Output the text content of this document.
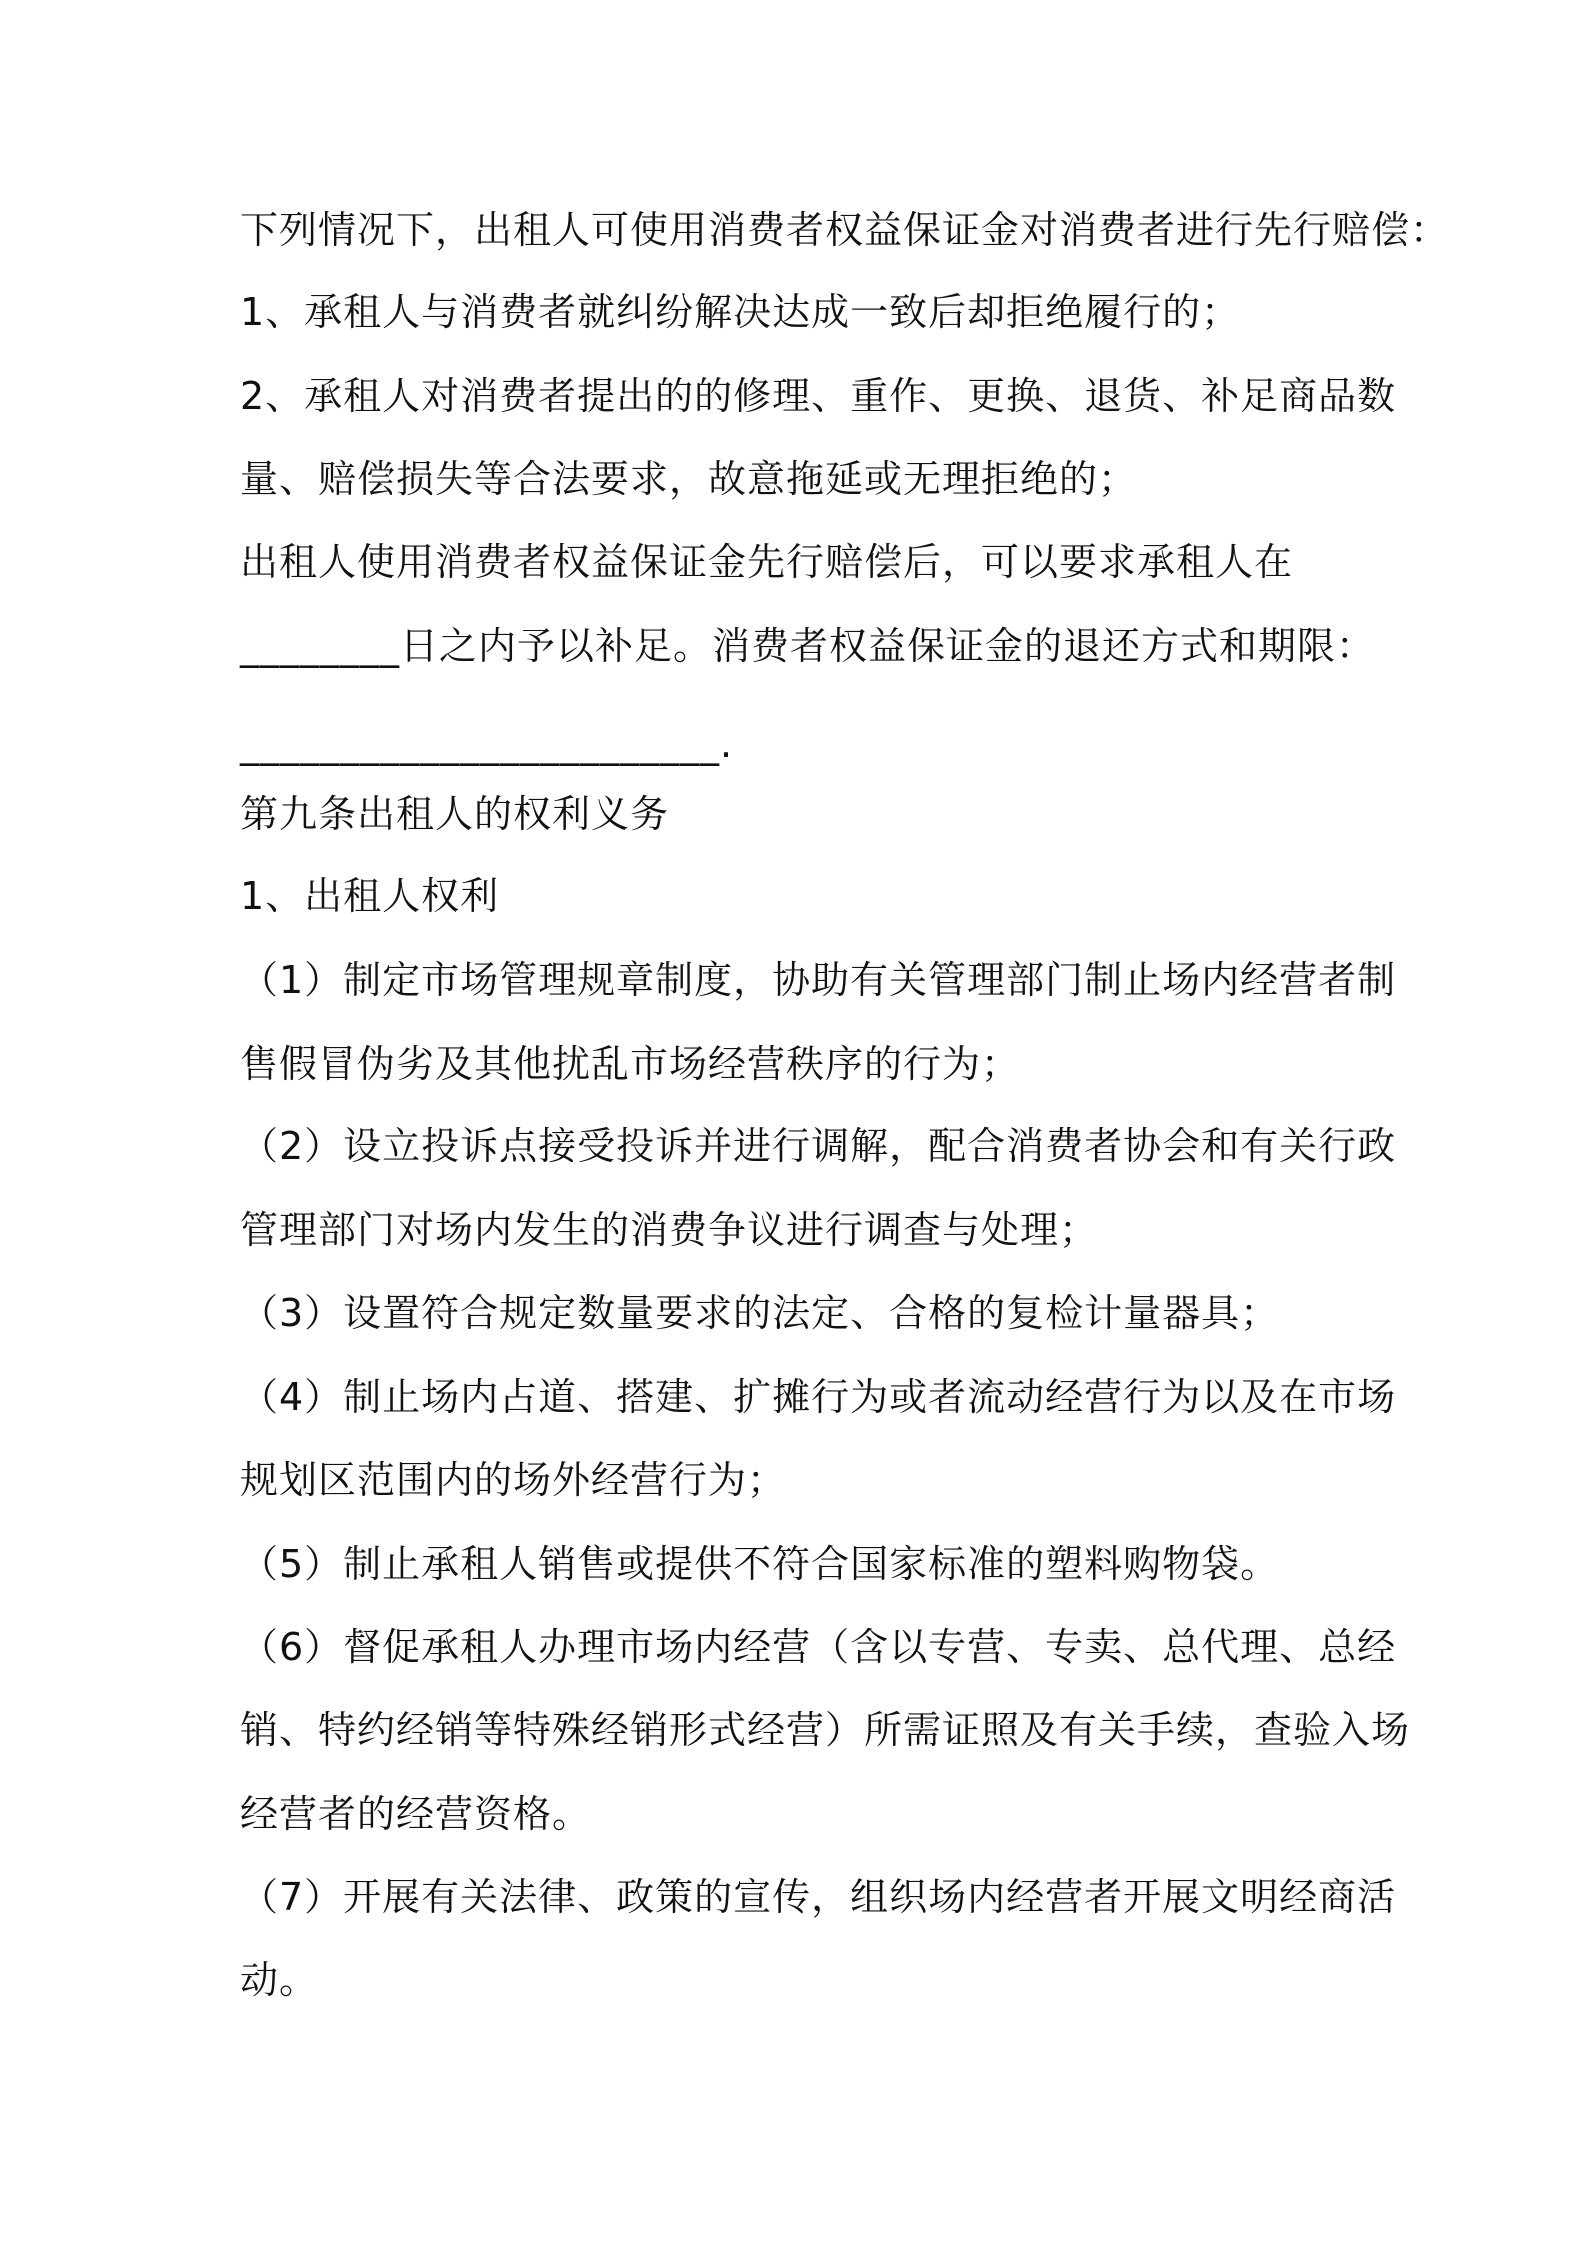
下列情况下，出租人可使用消费者权益保证金对消费者进行先行赔偿：
1、承租人与消费者就纠纷解决达成一致后却拒绝履行的；
2、承租人对消费者提出的的修理、重作、更换、退货、补足商品数
量、赔偿损失等合法要求，故意拖延或无理拒绝的；
出租人使用消费者权益保证金先行赔偿后，可以要求承租人在
________日之内予以补足。消费者权益保证金的退还方式和期限：
________________________.
第九条出租人的权利义务
1、出租人权利
（1）制定市场管理规章制度，协助有关管理部门制止场内经营者制
售假冒伪劣及其他扰乱市场经营秩序的行为；
（2）设立投诉点接受投诉并进行调解，配合消费者协会和有关行政
管理部门对场内发生的消费争议进行调查与处理；
（3）设置符合规定数量要求的法定、合格的复检计量器具；
（4）制止场内占道、搭建、扩摊行为或者流动经营行为以及在市场
规划区范围内的场外经营行为；
（5）制止承租人销售或提供不符合国家标准的塑料购物袋。
（6）督促承租人办理市场内经营（含以专营、专卖、总代理、总经
销、特约经销等特殊经销形式经营）所需证照及有关手续，查验入场
经营者的经营资格。
（7）开展有关法律、政策的宣传，组织场内经营者开展文明经商活
动。
